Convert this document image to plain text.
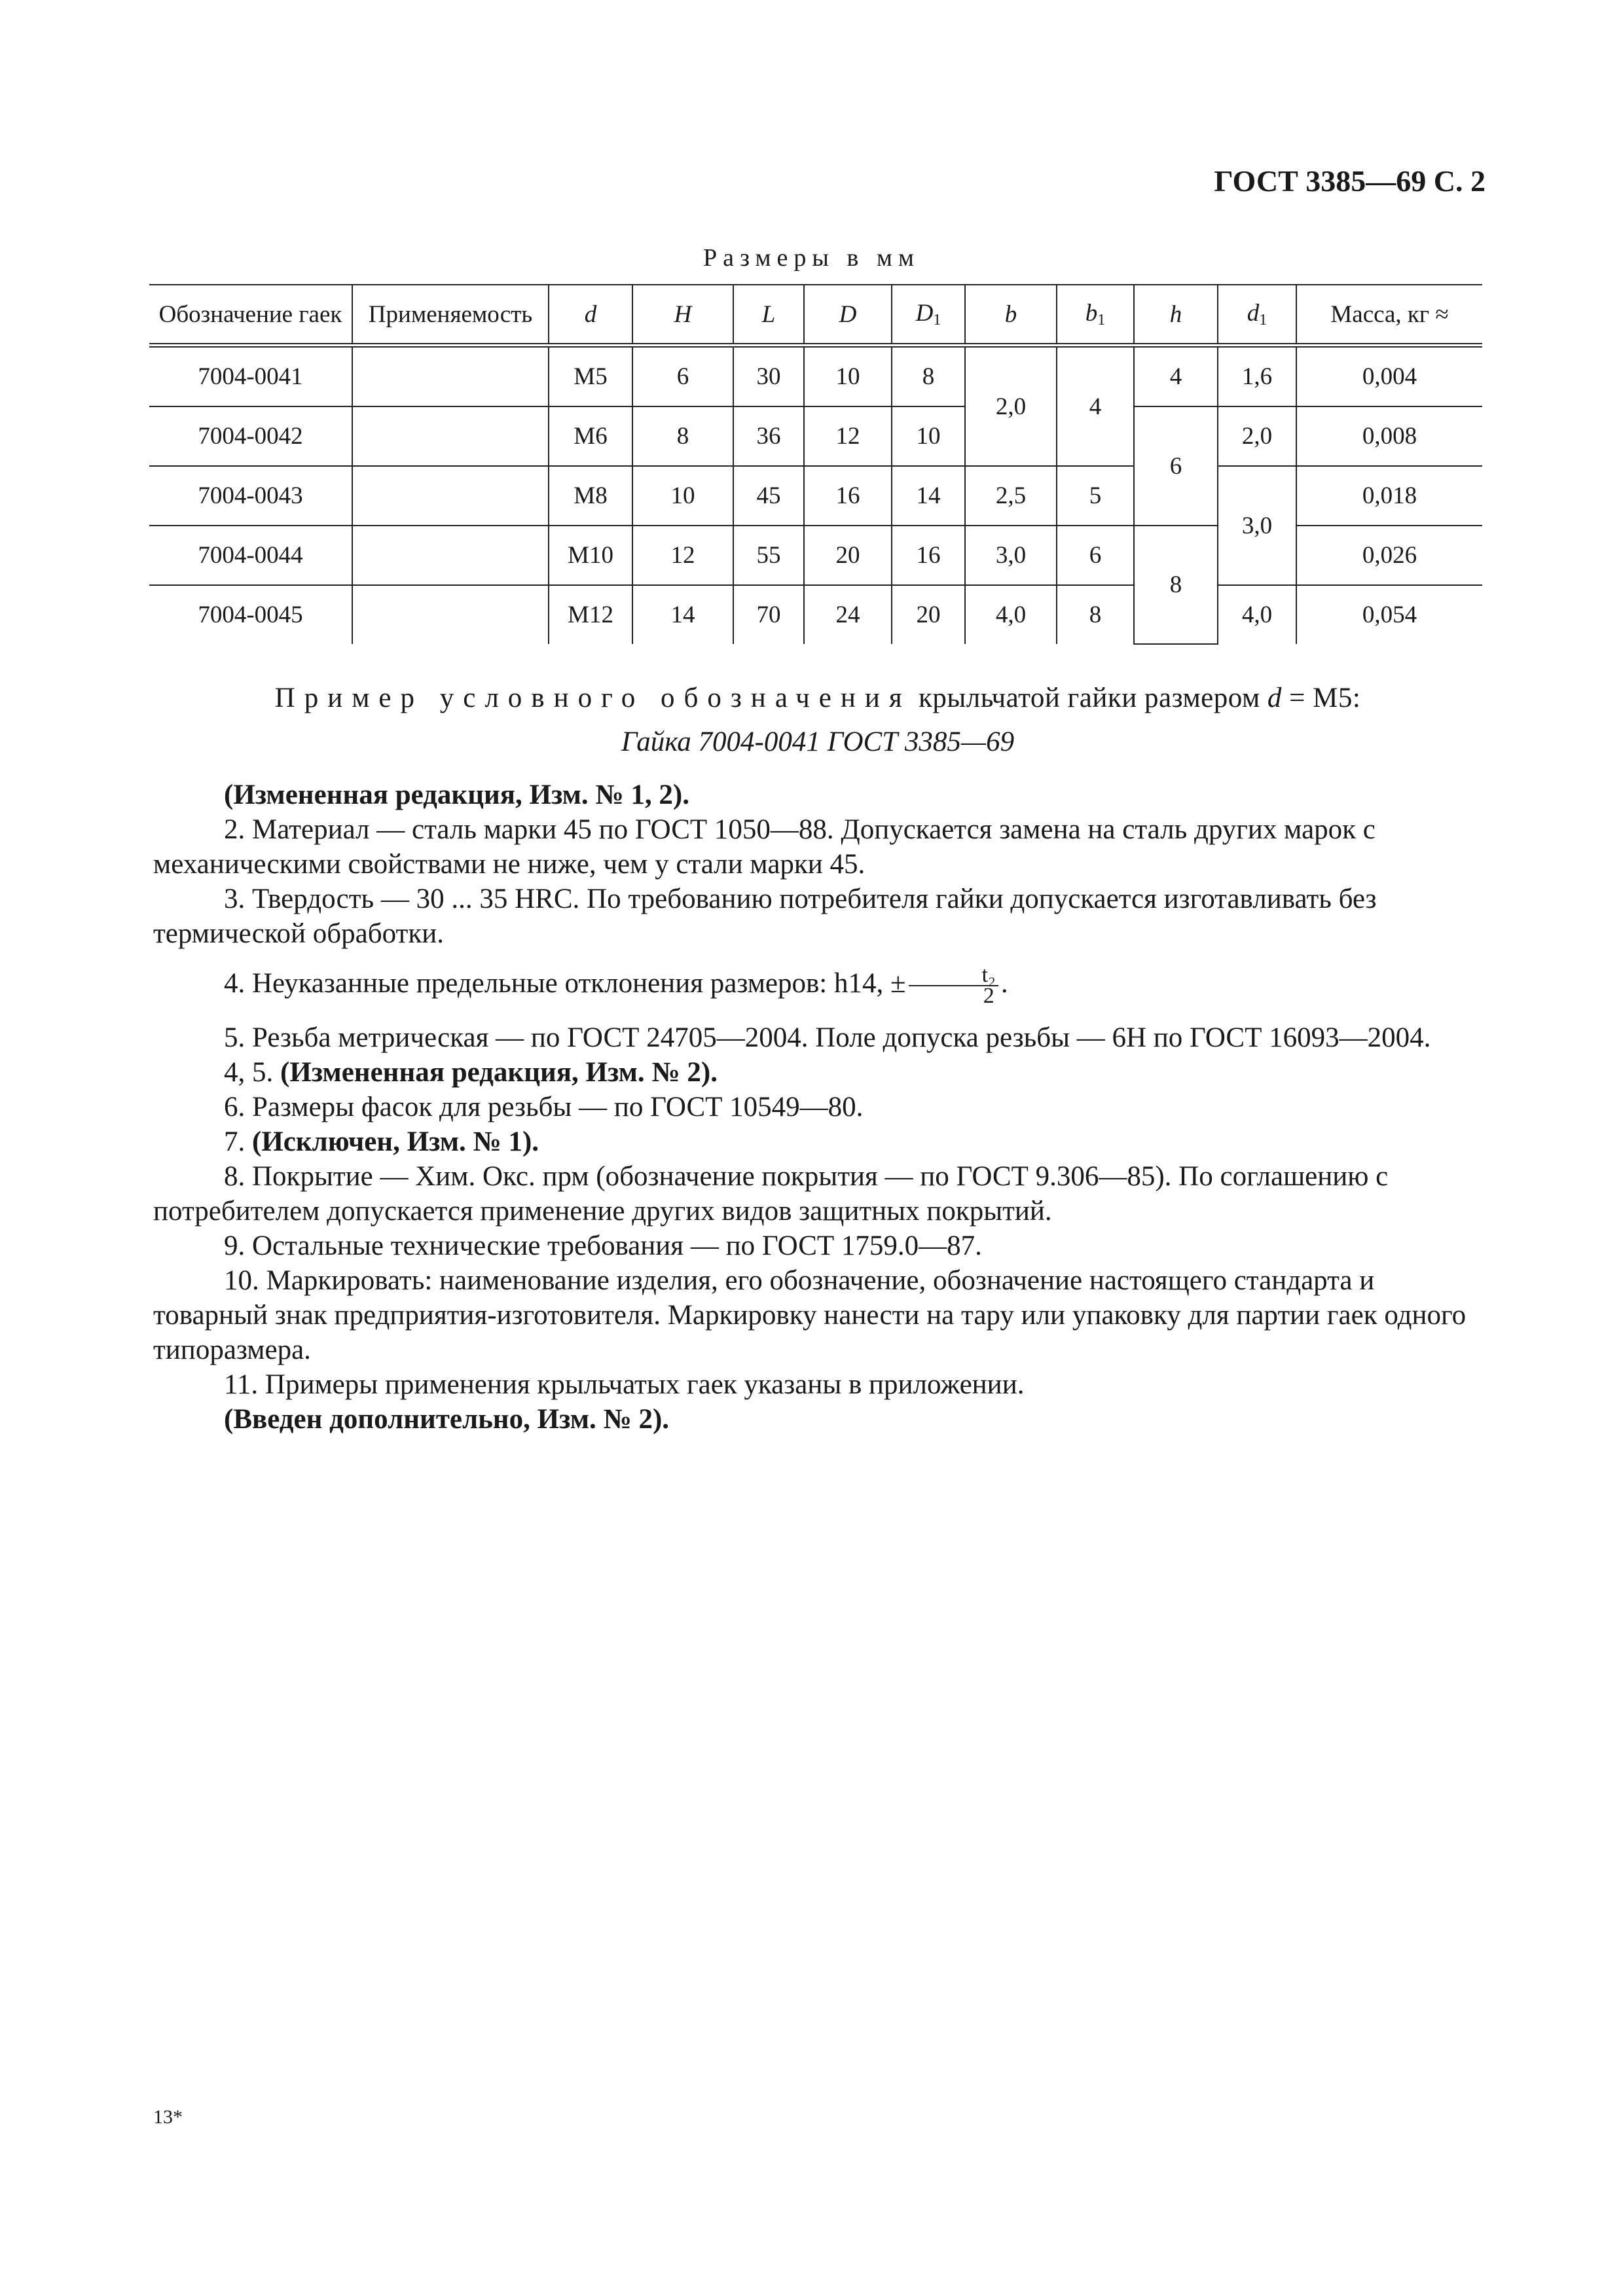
ГОСТ 3385—69 С. 2
Размеры в мм
Обозначение гаек	Применяемость	d	H	L	D	$D_1$	b	$b_1$	h	$d_1$	Масса, кг ≈
7004-0041		M5	6	30	10	8	2,0	4	4	1,6	0,004
7004-0042		M6	8	36	12	10			6	2,0	0,008
7004-0043		M8	10	45	16	14	2,5	5		3,0	0,018
7004-0044		M10	12	55	20	16	3,0	6	8		0,026
7004-0045		M12	14	70	24	20	4,0	8		4,0	0,054
Пример условного обозначения крыльчатой гайки размером d = M5:
Гайка 7004-0041 ГОСТ 3385—69

(Измененная редакция, Изм. № 1, 2).

2. Материал — сталь марки 45 по ГОСТ 1050—88. Допускается замена на сталь других марок с механическими свойствами не ниже, чем у стали марки 45.

3. Твердость — 30 ... 35 HRC. По требованию потребителя гайки допускается изготавливать без термической обработки.

4. Неуказанные предельные отклонения размеров: h14, ± $\frac{\text{t₂}}{2}$ .

5. Резьба метрическая — по ГОСТ 24705—2004. Поле допуска резьбы — 6H по ГОСТ 16093—2004.

4, 5. (Измененная редакция, Изм. № 2).

6. Размеры фасок для резьбы — по ГОСТ 10549—80.

7. (Исключен, Изм. № 1).

8. Покрытие — Хим. Окс. прм (обозначение покрытия — по ГОСТ 9.306—85). По соглашению с потребителем допускается применение других видов защитных покрытий.

9. Остальные технические требования — по ГОСТ 1759.0—87.

10. Маркировать: наименование изделия, его обозначение, обозначение настоящего стандарта и товарный знак предприятия-изготовителя. Маркировку нанести на тару или упаковку для партии гаек одного типоразмера.

11. Примеры применения крыльчатых гаек указаны в приложении.

(Введен дополнительно, Изм. № 2).

13*
